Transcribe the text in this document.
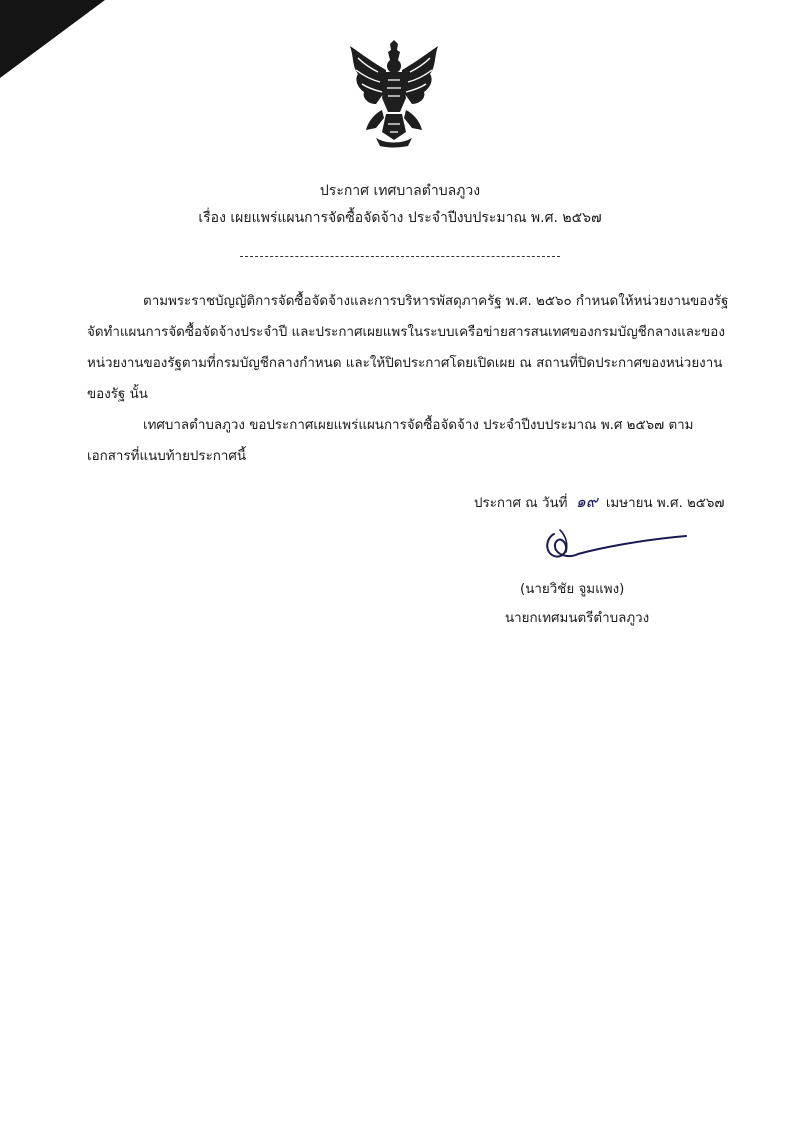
ประกาศ เทศบาลตำบลภูวง
เรื่อง เผยแพร่แผนการจัดซื้อจัดจ้าง ประจำปีงบประมาณ พ.ศ. ๒๕๖๗
ตามพระราชบัญญัติการจัดซื้อจัดจ้างและการบริหารพัสดุภาครัฐ พ.ศ. ๒๕๖๐ กำหนดให้หน่วยงานของรัฐ
จัดทำแผนการจัดซื้อจัดจ้างประจำปี และประกาศเผยแพรในระบบเครือข่ายสารสนเทศของกรมบัญชีกลางและของ
หน่วยงานของรัฐตามที่กรมบัญชีกลางกำหนด และให้ปิดประกาศโดยเปิดเผย ณ สถานที่ปิดประกาศของหน่วยงาน
ของรัฐ นั้น
เทศบาลตำบลภูวง ขอประกาศเผยแพร่แผนการจัดซื้อจัดจ้าง ประจำปีงบประมาณ พ.ศ ๒๕๖๗ ตาม
เอกสารที่แนบท้ายประกาศนี้
ประกาศ ณ วันที่ ๑๙ เมษายน พ.ศ. ๒๕๖๗
(นายวิชัย จูมแพง)
นายกเทศมนตรีตำบลภูวง
